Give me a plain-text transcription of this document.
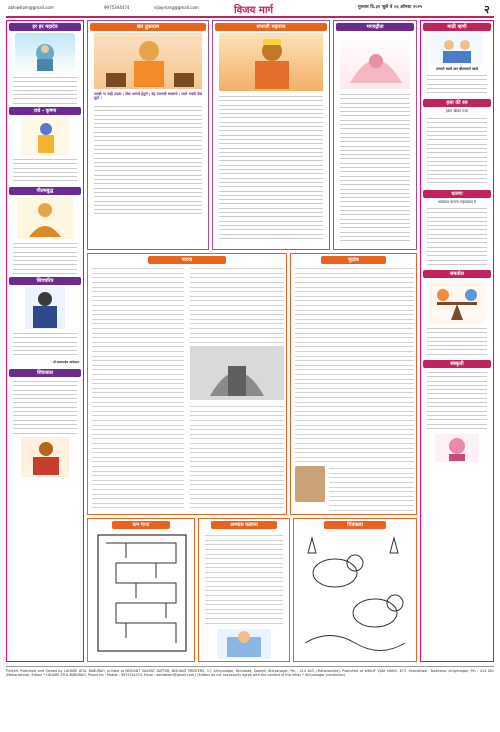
abhiwhom@gmail.com	9975344474	vijaymarg@gmail.com	विजय मार्ग	गुरुवार दि.३१ जुलै ते ०६ ऑगस्ट २०२५	२
हर हर महादेव
राधे - कृष्णा
गौतमबुद्ध
शिवचरित्र
- डॉ.बाबासाहेब आंबेडकर
शिवजाल
संत तुकाराम
आम्ही गा नाही उदास । सेवा आमचे हेतुले | देह त्यागावी भक्ताचे । सदरे भक्ती देवां सुटो ।
संभाजी महाराज	भगवद्गीता	माठी म्हणी
उभ्याने घ्यावे अन बोलघ्याने खावे
हसा की रस
हसत खेळत मजा
धारणा
आलवात याचना उन्हाळ्यात ये
समतोल
संस्कृती
यारवा	मुद्रांक
रत्न गाथा	अभ्यास कलाना	चित्रकला
Printed, Published and Owned by LAHARE ATUL BABURAO, printed at NISHANT VASANT DATTAR, NISHANT PRINTERS, 17, Ahilyanagar, Bhishbag, Sawedi, Ahilyanagar, Pin - 414 003, (Maharashtra). Published at WHILIF VIJAY MARG, 673, Shanishwar, Topkhana, Ahilyanagar, Pin - 414 001 (Maharashtra). Editor: * LAHARE ATUL BABURAO, Phone No : Mobile - 9975344474, Email : abhiwhom@gmail.com | (Editors do not necessarily agree with the content of this letter * Ahilyanagar Jurisdiction)
